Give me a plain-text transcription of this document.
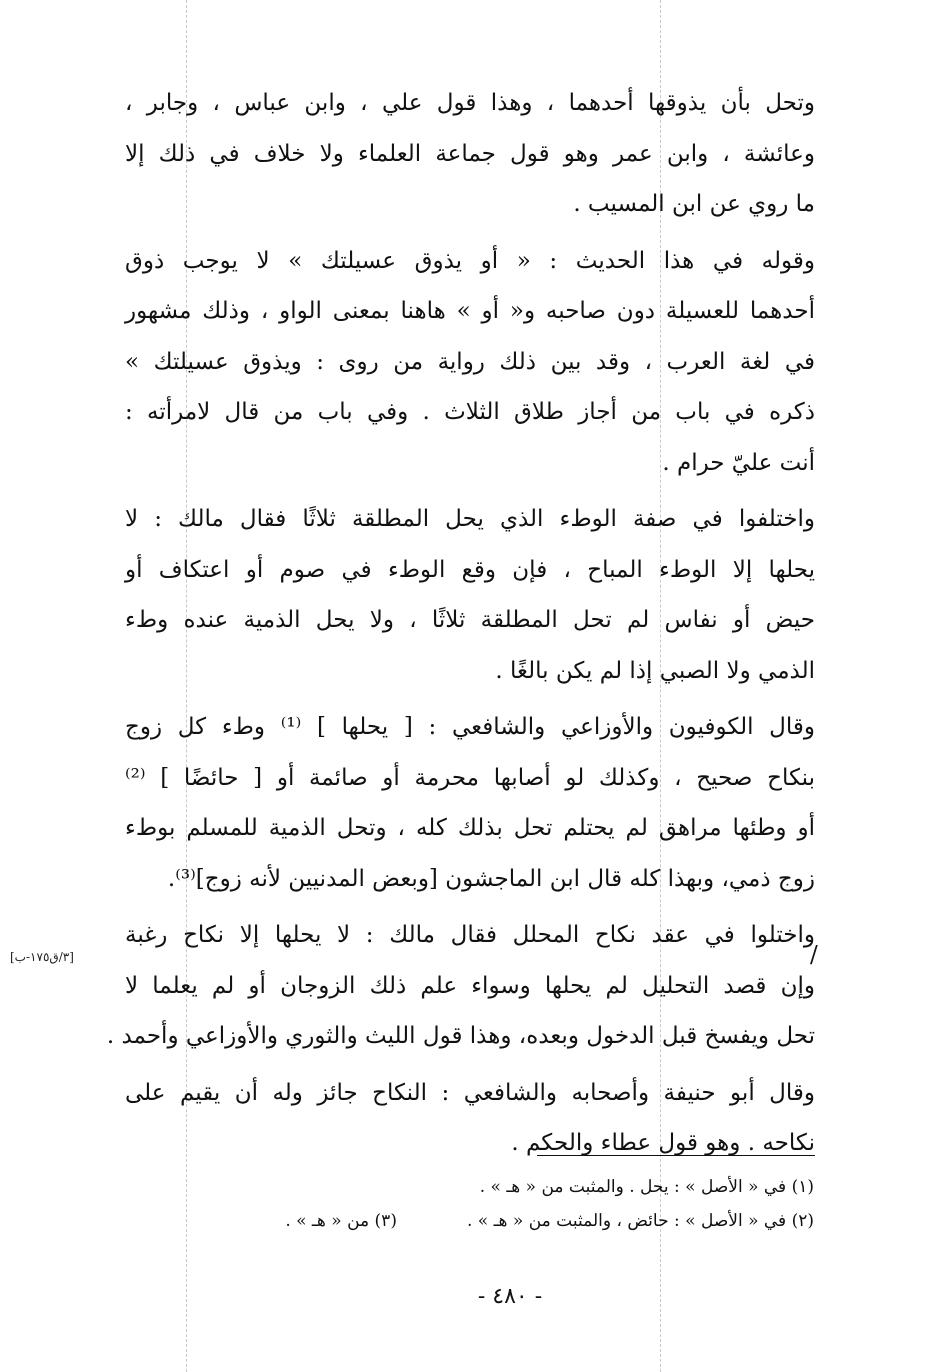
وتحل بأن يذوقها أحدهما ، وهذا قول علي ، وابن عباس ، وجابر ،
وعائشة ، وابن عمر وهو قول جماعة العلماء ولا خلاف في ذلك إلا
ما روي عن ابن المسيب .

وقوله في هذا الحديث : « أو يذوق عسيلتك » لا يوجب ذوق
أحدهما للعسيلة دون صاحبه و« أو » هاهنا بمعنى الواو ، وذلك مشهور
في لغة العرب ، وقد بين ذلك رواية من روى : ويذوق عسيلتك »
ذكره في باب من أجاز طلاق الثلاث . وفي باب من قال لامرأته :
أنت عليّ حرام .

واختلفوا في صفة الوطء الذي يحل المطلقة ثلاثًا فقال مالك : لا
يحلها إلا الوطء المباح ، فإن وقع الوطء في صوم أو اعتكاف أو
حيض أو نفاس لم تحل المطلقة ثلاثًا ، ولا يحل الذمية عنده وطء
الذمي ولا الصبي إذا لم يكن بالغًا .

وقال الكوفيون والأوزاعي والشافعي : [ يحلها ] ⁽¹⁾ وطء كل زوج
بنكاح صحيح ، وكذلك لو أصابها محرمة أو صائمة أو [ حائضًا ] ⁽²⁾
أو وطئها مراهق لم يحتلم تحل بذلك كله ، وتحل الذمية للمسلم بوطء
زوج ذمي، وبهذا كله قال ابن الماجشون [وبعض المدنيين لأنه زوج]⁽³⁾.

واختلوا في عقد نكاح المحلل فقال مالك : لا يحلها إلا نكاح رغبة
وإن قصد التحليل لم يحلها وسواء علم ذلك الزوجان أو لم يعلما لا
تحل ويفسخ قبل الدخول وبعده، وهذا قول الليث والثوري والأوزاعي وأحمد .

وقال أبو حنيفة وأصحابه والشافعي : النكاح جائز وله أن يقيم على
نكاحه . وهو قول عطاء والحكم .

[٣/ق١٧٥-ب]	/
(١) في « الأصل » : يحل . والمثبت من « هـ » .
(٢) في « الأصل » : حائض ، والمثبت من « هـ » .
(٣) من « هـ » .
- ٤٨٠ -
